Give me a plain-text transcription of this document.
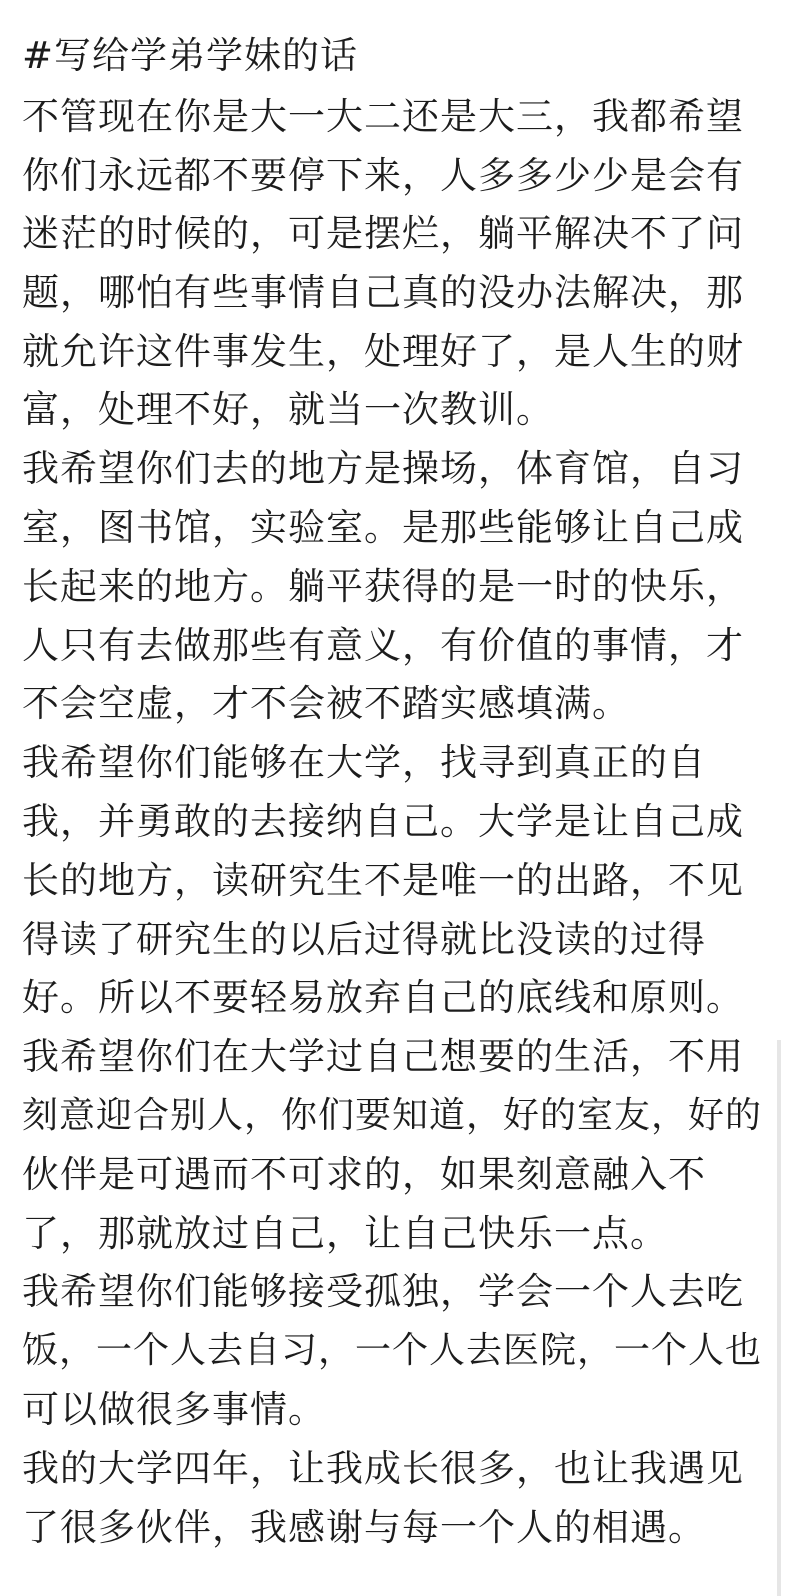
#写给学弟学妹的话

不管现在你是大一大二还是大三，我都希望

你们永远都不要停下来，人多多少少是会有

迷茫的时候的，可是摆烂，躺平解决不了问

题，哪怕有些事情自己真的没办法解决，那

就允许这件事发生，处理好了，是人生的财

富，处理不好，就当一次教训。

我希望你们去的地方是操场，体育馆，自习

室，图书馆，实验室。是那些能够让自己成

长起来的地方。躺平获得的是一时的快乐，

人只有去做那些有意义，有价值的事情，才

不会空虚，才不会被不踏实感填满。

我希望你们能够在大学，找寻到真正的自

我，并勇敢的去接纳自己。大学是让自己成

长的地方，读研究生不是唯一的出路，不见

得读了研究生的以后过得就比没读的过得

好。所以不要轻易放弃自己的底线和原则。

我希望你们在大学过自己想要的生活，不用

刻意迎合别人，你们要知道，好的室友，好的

伙伴是可遇而不可求的，如果刻意融入不

了，那就放过自己，让自己快乐一点。

我希望你们能够接受孤独，学会一个人去吃

饭，一个人去自习，一个人去医院，一个人也

可以做很多事情。

我的大学四年，让我成长很多，也让我遇见

了很多伙伴，我感谢与每一个人的相遇。
